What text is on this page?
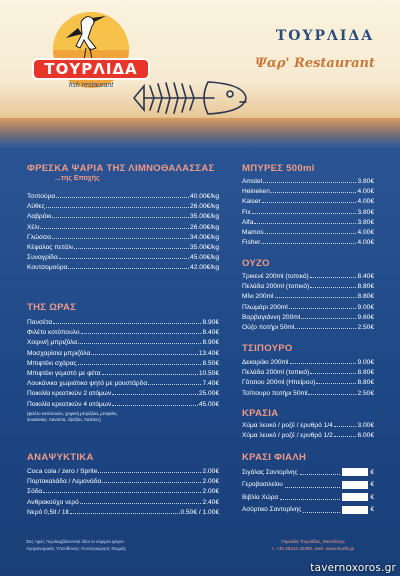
ΤΟΥΡΛΙΔΑ
fish restaurant
ΤΟΥΡΛΙΔΑ
Ψαρ' Restaurant
ΦΡΕΣΚΑ ΨΑΡΙΑ ΤΗΣ ΛΙΜΝΟΘΑΛΑΣΣΑΣ
...της Εποχής
Τσιπούρα	40.00€/kg
Λύθες	26.00€/kg
Λαβράκι	35.00€/kg
Χέλι	26.00€/kg
Γλώσσα	34.00€/kg
Κέφαλος πετάλι	35.00€/kg
Συναγρίδα	45.00€/kg
Κουτσομούρα	42.00€/kg
ΤΗΣ ΩΡΑΣ
Πανσέτα	8.90€
Φιλέτο κοτόπουλο	8.40€
Χοιρινή μπριζόλα	8.90€
Μοσχαρίσια μπριζόλα	13.40€
Μπιφτέκι σχάρας	8.50€
Μπιφτέκι γεμιστό με φέτα	10.50€
Λουκάνικο χωριάτικο ψητό με μουστάρδα	7.40€
Ποικιλία κρεατικών 2 ατόμων	25.00€
Ποικιλία κρεατικών 4 ατόμων	45.00€
(φιλέτο κοτόπουλο, χοιρινή μπριζόλα, μπιφτέκι,
λουκάνικο, πανσέτα, τζατζίκι, πατάτες)
ΑΝΑΨΥΚΤΙΚΑ
Coca cola / zero / Sprite	2.00€
Πορτοκαλάδα / Λεμονάδα	2.00€
Σόδα	2.00€
Ανθρακούχο νερό	2.40€
Νερό 0,5lt / 1lt	0.50€ / 1.00€
ΜΠΥΡΕΣ 500ml
Amstel	3.80€
Heineken	4.00€
Kaiser	4.00€
Fix	3.80€
Alfa	3.80€
Mamos	4.00€
Fisher	4.00€
ΟΥΖΟ
Τρικενέ 200ml (τοπικό)	8.40€
Πελάδα 200ml (τοπικό)	8.80€
Μίνι 200ml	8.80€
Πλωμάρι 200ml	9.00€
Βαρβαγιάννη 200ml	9.60€
Ούζο ποτήρι 50ml	2.50€
ΤΣΙΠΟΥΡΟ
Δεκαράκι 200ml	9.00€
Πελάδα 200ml (τοπικό)	8.80€
Γότσιου 200ml (Ηπείρου)	8.80€
Τσίπουρο ποτήρι 50ml	2.50€
ΚΡΑΣΙΑ
Χύμα λευκό / ροζέ / ερυθρό 1/4	3.00€
Χύμα λευκό / ροζέ / ερυθρό 1/2	6.00€
ΚΡΑΣΙ ΦΙΑΛΗ
Σιγάλας Σαντορίνης	€
Γεροβασιλείου	€
Βιβλία Χώρα	€
Ασύρτικο Σαντορίνης	€
Στις τιμές περιλαμβάνονται όλοι οι νόμιμοι φόροι
Αγορανομικός Υπεύθυνος: Κοντογιώργος Θωμάς
Παραλία Τουρλίδας, Μεσολόγγι
τ. +30 26310 25360, web: www.tourlis.gr
tavernoxoros.gr
